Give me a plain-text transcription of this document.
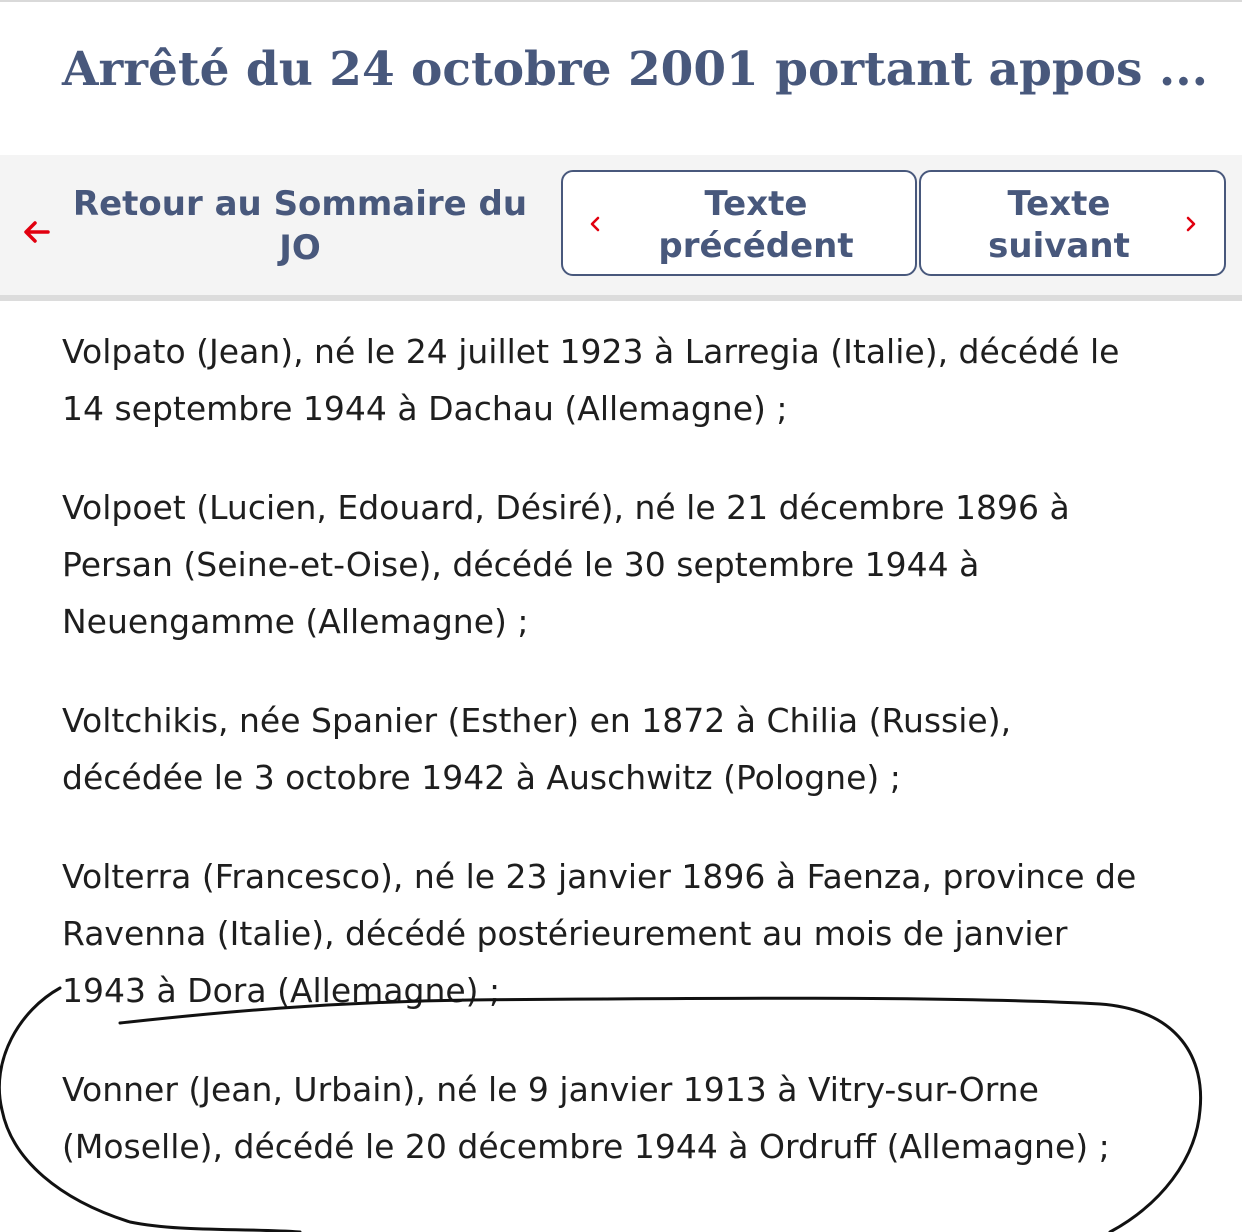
Arrêté du 24 octobre 2001 portant appos ...
Retour au Sommaire du JO
Texte précédent
Texte suivant

Volpato (Jean), né le 24 juillet 1923 à Larregia (Italie), décédé le
14 septembre 1944 à Dachau (Allemagne) ;

Volpoet (Lucien, Edouard, Désiré), né le 21 décembre 1896 à
Persan (Seine-et-Oise), décédé le 30 septembre 1944 à
Neuengamme (Allemagne) ;

Voltchikis, née Spanier (Esther) en 1872 à Chilia (Russie),
décédée le 3 octobre 1942 à Auschwitz (Pologne) ;

Volterra (Francesco), né le 23 janvier 1896 à Faenza, province de
Ravenna (Italie), décédé postérieurement au mois de janvier
1943 à Dora (Allemagne) ;

Vonner (Jean, Urbain), né le 9 janvier 1913 à Vitry-sur-Orne
(Moselle), décédé le 20 décembre 1944 à Ordruff (Allemagne) ;
